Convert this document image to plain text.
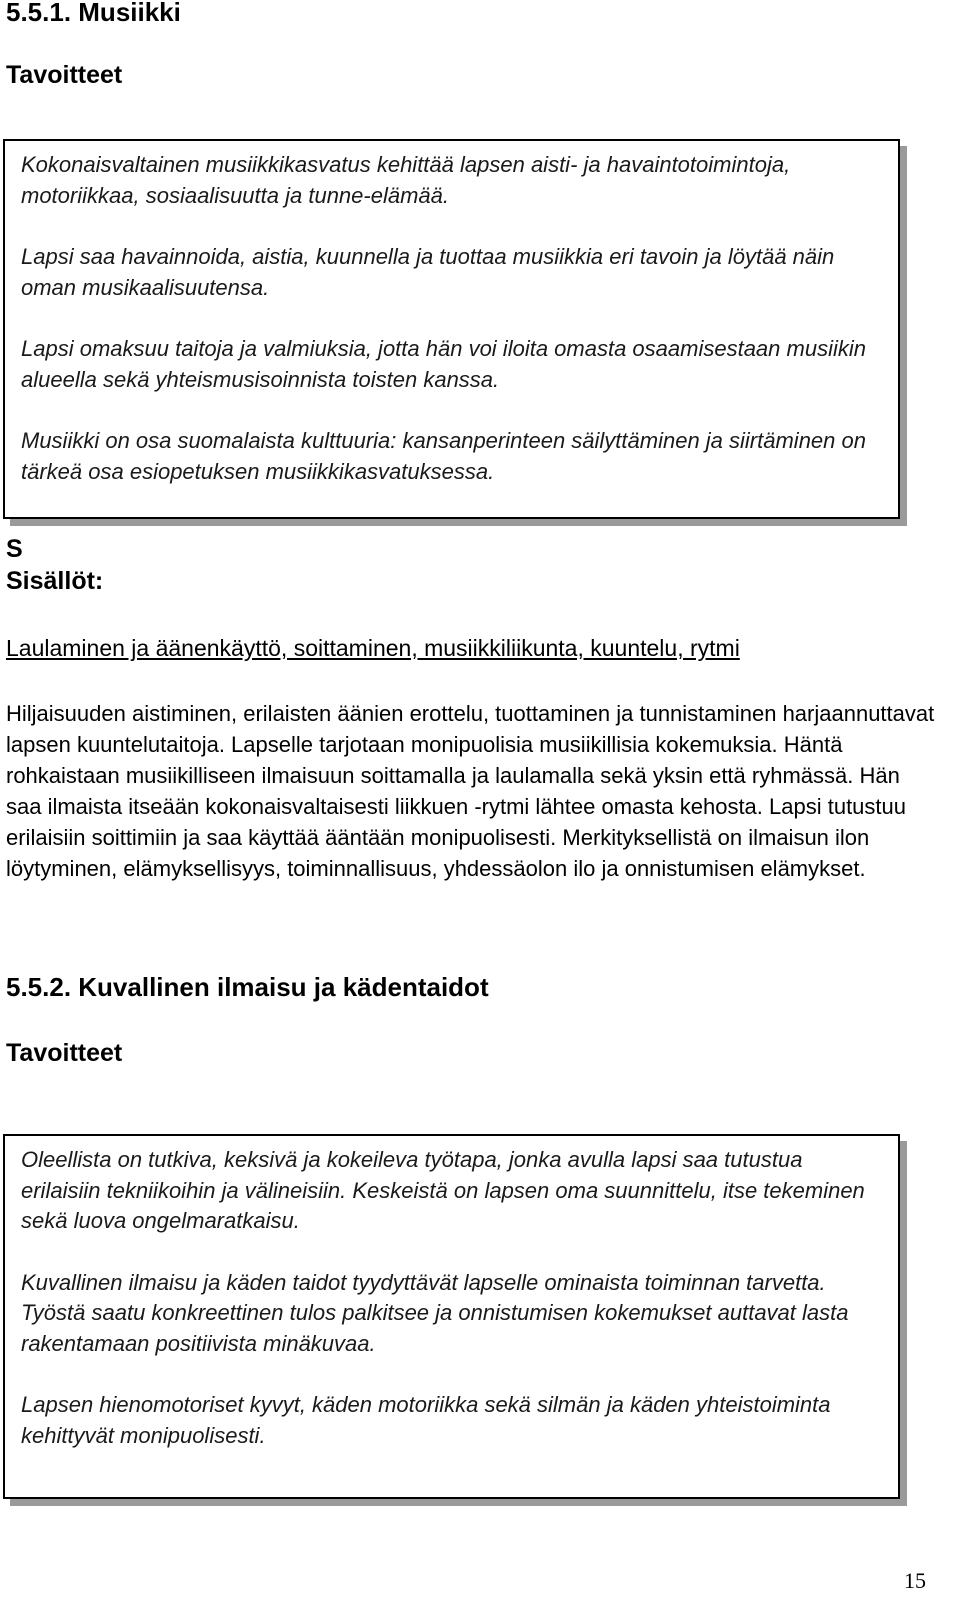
5.5.1. Musiikki
Tavoitteet

Kokonaisvaltainen musiikkikasvatus kehittää lapsen aisti- ja havaintotoimintoja, motoriikkaa, sosiaalisuutta ja tunne-elämää.

Lapsi saa havainnoida, aistia, kuunnella ja tuottaa musiikkia eri tavoin ja löytää näin oman musikaalisuutensa.

Lapsi omaksuu taitoja ja valmiuksia, jotta hän voi iloita omasta osaamisestaan musiikin alueella sekä yhteismusisoinnista toisten kanssa.

Musiikki on osa suomalaista kulttuuria: kansanperinteen säilyttäminen ja siirtäminen on tärkeä osa esiopetuksen musiikkikasvatuksessa.

S
Sisällöt:
Laulaminen ja äänenkäyttö, soittaminen, musiikkiliikunta, kuuntelu, rytmi

Hiljaisuuden aistiminen, erilaisten äänien erottelu, tuottaminen ja tunnistaminen harjaannuttavat lapsen kuuntelutaitoja. Lapselle tarjotaan monipuolisia musiikillisia kokemuksia. Häntä rohkaistaan musiikilliseen ilmaisuun soittamalla ja laulamalla sekä yksin että ryhmässä. Hän saa ilmaista itseään kokonaisvaltaisesti liikkuen -rytmi lähtee omasta kehosta. Lapsi tutustuu erilaisiin soittimiin ja saa käyttää ääntään monipuolisesti. Merkityksellistä on ilmaisun ilon löytyminen, elämyksellisyys, toiminnallisuus, yhdessäolon ilo ja onnistumisen elämykset.

5.5.2. Kuvallinen ilmaisu ja kädentaidot
Tavoitteet

Oleellista on tutkiva, keksivä ja kokeileva työtapa, jonka avulla lapsi saa tutustua erilaisiin tekniikoihin ja välineisiin. Keskeistä on lapsen oma suunnittelu, itse tekeminen sekä luova ongelmaratkaisu.

Kuvallinen ilmaisu ja käden taidot tyydyttävät lapselle ominaista toiminnan tarvetta. Työstä saatu konkreettinen tulos palkitsee ja onnistumisen kokemukset auttavat lasta rakentamaan positiivista minäkuvaa.

Lapsen hienomotoriset kyvyt, käden motoriikka sekä silmän ja käden yhteistoiminta kehittyvät monipuolisesti.

15
